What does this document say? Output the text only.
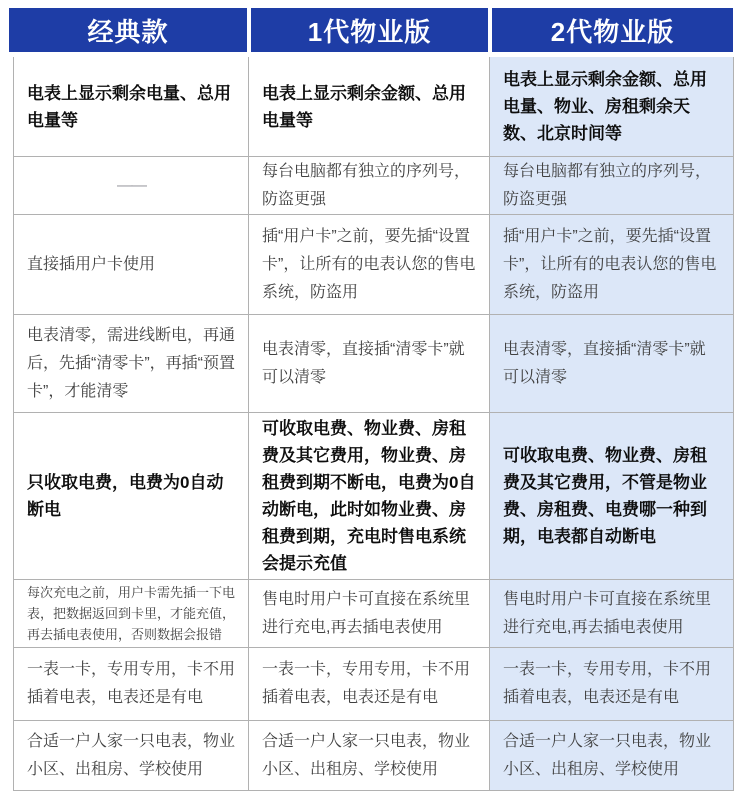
经典款	1代物业版	2代物业版
电表上显示剩余电量、总用电量等
电表上显示剩余金额、总用电量等
电表上显示剩余金额、总用电量、物业、房租剩余天数、北京时间等
——
每台电脑都有独立的序列号，防盗更强
每台电脑都有独立的序列号，防盗更强
直接插用户卡使用
插“用户卡”之前，要先插“设置卡”，让所有的电表认您的售电系统，防盗用
插“用户卡”之前，要先插“设置卡”，让所有的电表认您的售电系统，防盗用
电表清零，需进线断电，再通后，先插“清零卡”，再插“预置卡”，才能清零
电表清零，直接插“清零卡”就可以清零
电表清零，直接插“清零卡”就可以清零
只收取电费，电费为0自动断电
可收取电费、物业费、房租费及其它费用，物业费、房租费到期不断电，电费为0自动断电，此时如物业费、房租费到期，充电时售电系统会提示充值
可收取电费、物业费、房租费及其它费用，不管是物业费、房租费、电费哪一种到期，电表都自动断电
每次充电之前，用户卡需先插一下电表，把数据返回到卡里，才能充值，再去插电表使用，否则数据会报错
售电时用户卡可直接在系统里进行充电,再去插电表使用
售电时用户卡可直接在系统里进行充电,再去插电表使用
一表一卡，专用专用，卡不用插着电表，电表还是有电
一表一卡，专用专用，卡不用插着电表，电表还是有电
一表一卡，专用专用，卡不用插着电表，电表还是有电
合适一户人家一只电表，物业小区、出租房、学校使用
合适一户人家一只电表，物业小区、出租房、学校使用
合适一户人家一只电表，物业小区、出租房、学校使用
